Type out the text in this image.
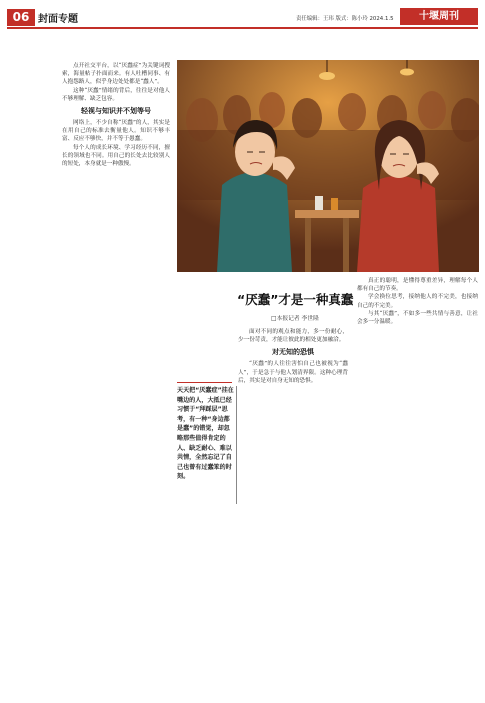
06 封面专题	责任编辑：王玮 版式：陈小玲 2024.1.5	十堰周刊
“厌蠢”才是一种真蠢
□本报记者 李世隆
天天把“厌蠢症”挂在嘴边的人，大抵已经习惯于“拜踩层”思考，有一种“身边都是蠢”的错觉，却忽略那些值得肯定的人、缺乏耐心、难以共情，全然忘记了自己也曾有过蠢笨的时刻。

点开社交平台，以“厌蠢症”为关键词搜索，海量帖子扑面而来。有人吐槽同事、有人抱怨路人，似乎身边处处都是“蠢人”。

这种“厌蠢”情绪的背后，往往是对他人不够理解、缺乏包容。

轻视与知识并不划等号

网络上，不少自称“厌蠢”的人，其实是在用自己的标准去衡量他人。知识不够丰富、反应不够快，并不等于愚蠢。

每个人的成长环境、学习经历不同，擅长的领域也不同。用自己的长处去比较别人的短处，本身就是一种傲慢。

面对不同的观点和能力，多一份耐心，少一份苛责，才能让彼此的相处更加融洽。

对无知的恐惧

“厌蠢”的人往往害怕自己也被视为“蠢人”，于是急于与他人划清界限。这种心理背后，其实是对自身无知的恐惧。

真正的聪明，是懂得尊重差异，理解每个人都有自己的节奏。

学会换位思考，接纳他人的不完美，也接纳自己的不完美。

与其“厌蠢”，不如多一些共情与善意，让社会多一分温暖。
